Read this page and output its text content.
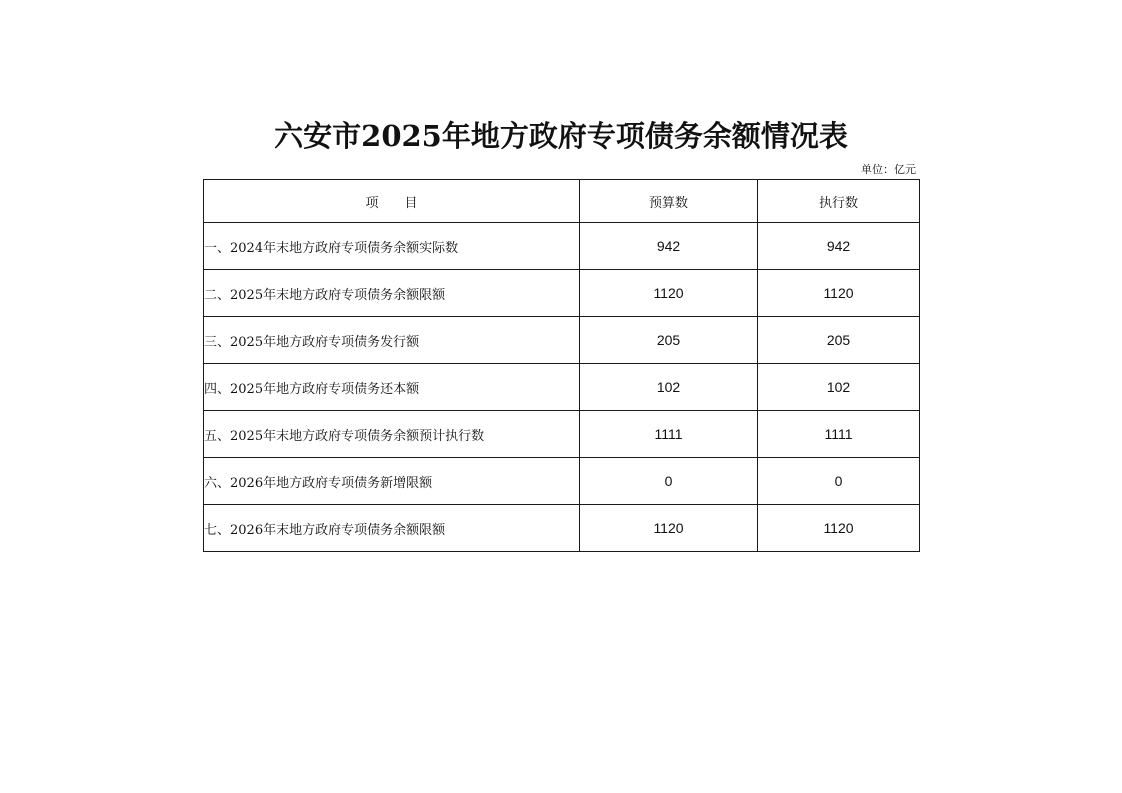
六安市2025年地方政府专项债务余额情况表
单位：亿元
项　　目	预算数	执行数
一、2024年末地方政府专项债务余额实际数	942	942
二、2025年末地方政府专项债务余额限额	1120	1120
三、2025年地方政府专项债务发行额	205	205
四、2025年地方政府专项债务还本额	102	102
五、2025年末地方政府专项债务余额预计执行数	1111	1111
六、2026年地方政府专项债务新增限额	0	0
七、2026年末地方政府专项债务余额限额	1120	1120
